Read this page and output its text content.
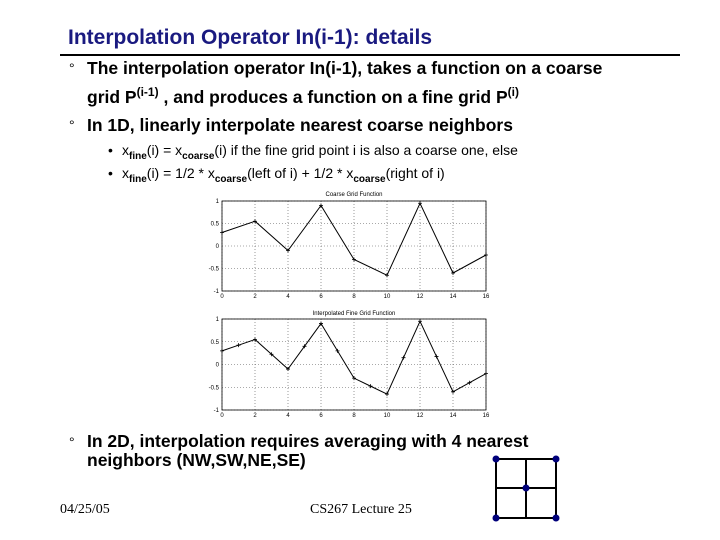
Interpolation Operator In(i-1): details
° The interpolation operator In(i-1), takes a function on a coarse
grid $P^{(i-1)}$ , and produces a function on a fine grid $P^{(i)}$
° In 1D, linearly interpolate nearest coarse neighbors
• $x_{fine}(i) = x_{coarse}(i)$ if the fine grid point i is also a coarse one, else
• $x_{fine}(i) = 1/2$ * $x_{coarse}(left$ of $i) + 1/2 * x_{coarse}(right$ of i)
0	2	4	6	8	10	12	14	16
-1
-0.5
0
0.5
1
Coarse Grid Function
0	2	4	6	8	10	12	14	16
-1
-0.5
0
0.5
1
Interpolated Fine Grid Function
° In 2D, interpolation requires averaging with 4 nearest
neighbors (NW,SW,NE,SE)
04/25/05	CS267 Lecture 25
